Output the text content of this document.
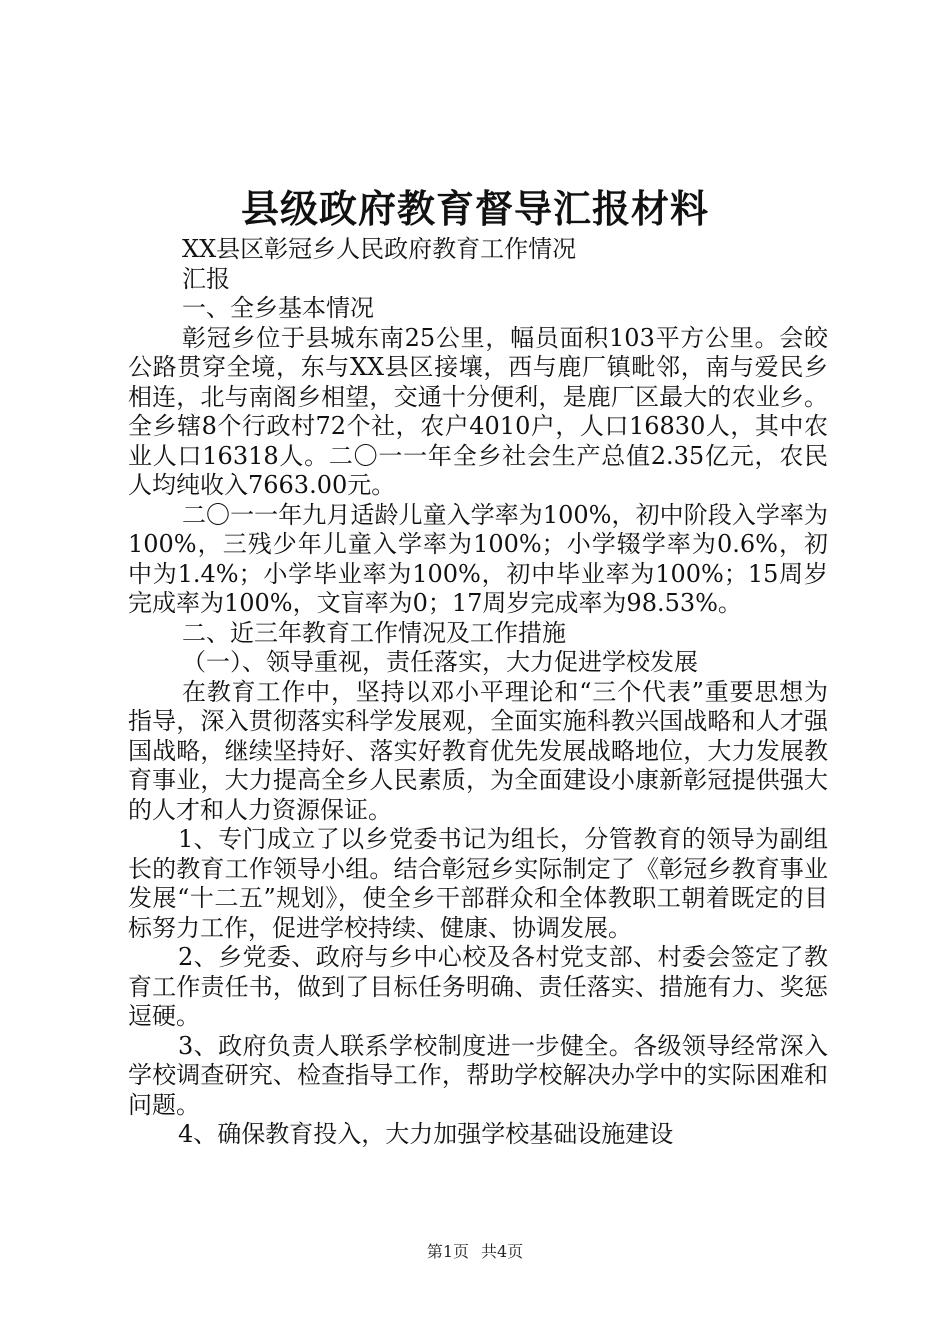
县级政府教育督导汇报材料

XX县区彰冠乡人民政府教育工作情况

汇报

一、全乡基本情况

彰冠乡位于县城东南25公里，幅员面积103平方公里。会皎公路贯穿全境，东与XX县区接壤，西与鹿厂镇毗邻，南与爱民乡相连，北与南阁乡相望，交通十分便利，是鹿厂区最大的农业乡。全乡辖8个行政村72个社，农户4010户，人口16830人，其中农业人口16318人。二〇一一年全乡社会生产总值2.35亿元，农民人均纯收入7663.00元。

二〇一一年九月适龄儿童入学率为100%，初中阶段入学率为100%，三残少年儿童入学率为100%；小学辍学率为0.6%，初中为1.4%；小学毕业率为100%，初中毕业率为100%；15周岁完成率为100%，文盲率为0；17周岁完成率为98.53%。

二、近三年教育工作情况及工作措施

（一）、领导重视，责任落实，大力促进学校发展

在教育工作中，坚持以邓小平理论和“三个代表”重要思想为指导，深入贯彻落实科学发展观，全面实施科教兴国战略和人才强国战略，继续坚持好、落实好教育优先发展战略地位，大力发展教育事业，大力提高全乡人民素质，为全面建设小康新彰冠提供强大的人才和人力资源保证。

1、专门成立了以乡党委书记为组长，分管教育的领导为副组长的教育工作领导小组。结合彰冠乡实际制定了《彰冠乡教育事业发展“十二五”规划》，使全乡干部群众和全体教职工朝着既定的目标努力工作，促进学校持续、健康、协调发展。

2、乡党委、政府与乡中心校及各村党支部、村委会签定了教育工作责任书，做到了目标任务明确、责任落实、措施有力、奖惩逗硬。

3、政府负责人联系学校制度进一步健全。各级领导经常深入学校调查研究、检查指导工作，帮助学校解决办学中的实际困难和问题。

4、确保教育投入，大力加强学校基础设施建设

第1页 共4页
